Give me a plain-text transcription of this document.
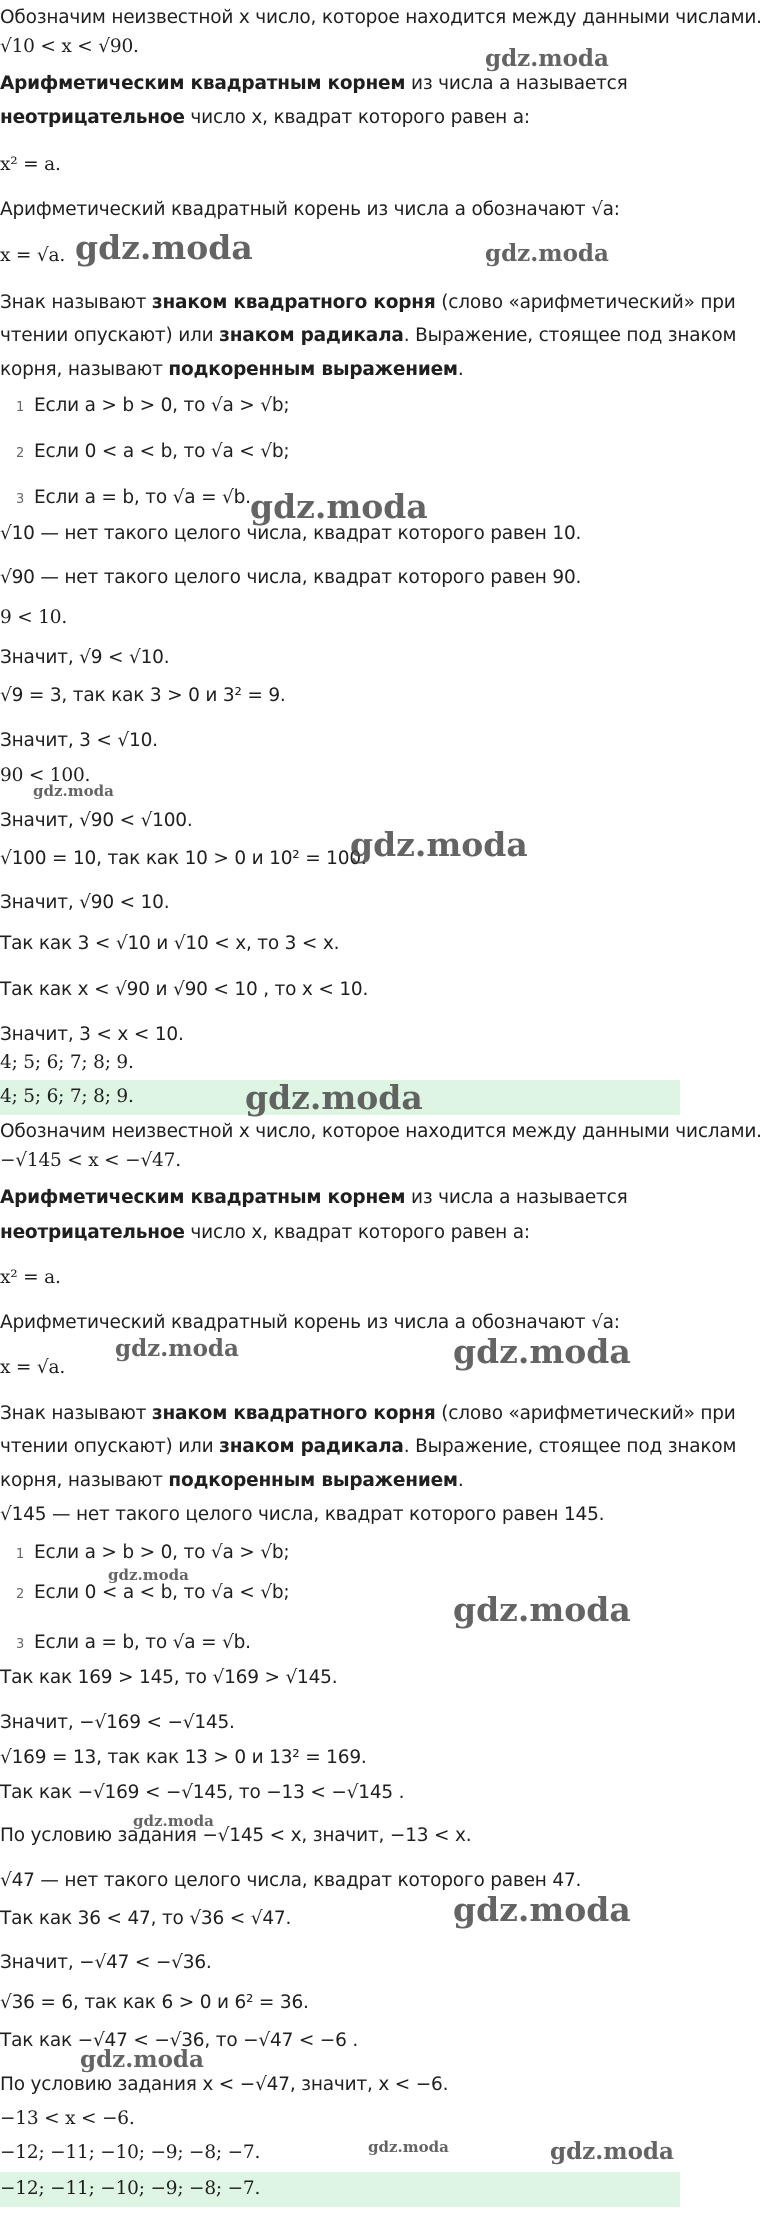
Обозначим неизвестной x число, которое находится между данными числами.
√10 < x < √90.
Арифметическим квадратным корнем из числа a называется
неотрицательное число x, квадрат которого равен a:
x² = a.
Арифметический квадратный корень из числа a обозначают √a:
x = √a.
Знак называют знаком квадратного корня (слово «арифметический» при
чтении опускают) или знаком радикала. Выражение, стоящее под знаком
корня, называют подкоренным выражением.
1 Если a > b > 0, то √a > √b;
2 Если 0 < a < b, то √a < √b;
3 Если a = b, то √a = √b.
√10 — нет такого целого числа, квадрат которого равен 10.
√90 — нет такого целого числа, квадрат которого равен 90.
9 < 10.
Значит, √9 < √10.
√9 = 3, так как 3 > 0 и 3² = 9.
Значит, 3 < √10.
90 < 100.
Значит, √90 < √100.
√100 = 10, так как 10 > 0 и 10² = 100.
Значит, √90 < 10.
Так как 3 < √10 и √10 < x, то 3 < x.
Так как x < √90 и √90 < 10 , то x < 10.
Значит, 3 < x < 10.
4; 5; 6; 7; 8; 9.
4; 5; 6; 7; 8; 9.
Обозначим неизвестной x число, которое находится между данными числами.
−√145 < x < −√47.
Арифметическим квадратным корнем из числа a называется
неотрицательное число x, квадрат которого равен a:
x² = a.
Арифметический квадратный корень из числа a обозначают √a:
x = √a.
Знак называют знаком квадратного корня (слово «арифметический» при
чтении опускают) или знаком радикала. Выражение, стоящее под знаком
корня, называют подкоренным выражением.
√145 — нет такого целого числа, квадрат которого равен 145.
1 Если a > b > 0, то √a > √b;
2 Если 0 < a < b, то √a < √b;
3 Если a = b, то √a = √b.
Так как 169 > 145, то √169 > √145.
Значит, −√169 < −√145.
√169 = 13, так как 13 > 0 и 13² = 169.
Так как −√169 < −√145, то −13 < −√145 .
По условию задания −√145 < x, значит, −13 < x.
√47 — нет такого целого числа, квадрат которого равен 47.
Так как 36 < 47, то √36 < √47.
Значит, −√47 < −√36.
√36 = 6, так как 6 > 0 и 6² = 36.
Так как −√47 < −√36, то −√47 < −6 .
По условию задания x < −√47, значит, x < −6.
−13 < x < −6.
−12; −11; −10; −9; −8; −7.
−12; −11; −10; −9; −8; −7.
gdz.moda
gdz.moda	gdz.moda
gdz.moda
gdz.moda
gdz.moda
gdz.moda
gdz.moda	gdz.moda
gdz.moda
gdz.moda
gdz.moda
gdz.moda
gdz.moda
gdz.moda	gdz.moda
